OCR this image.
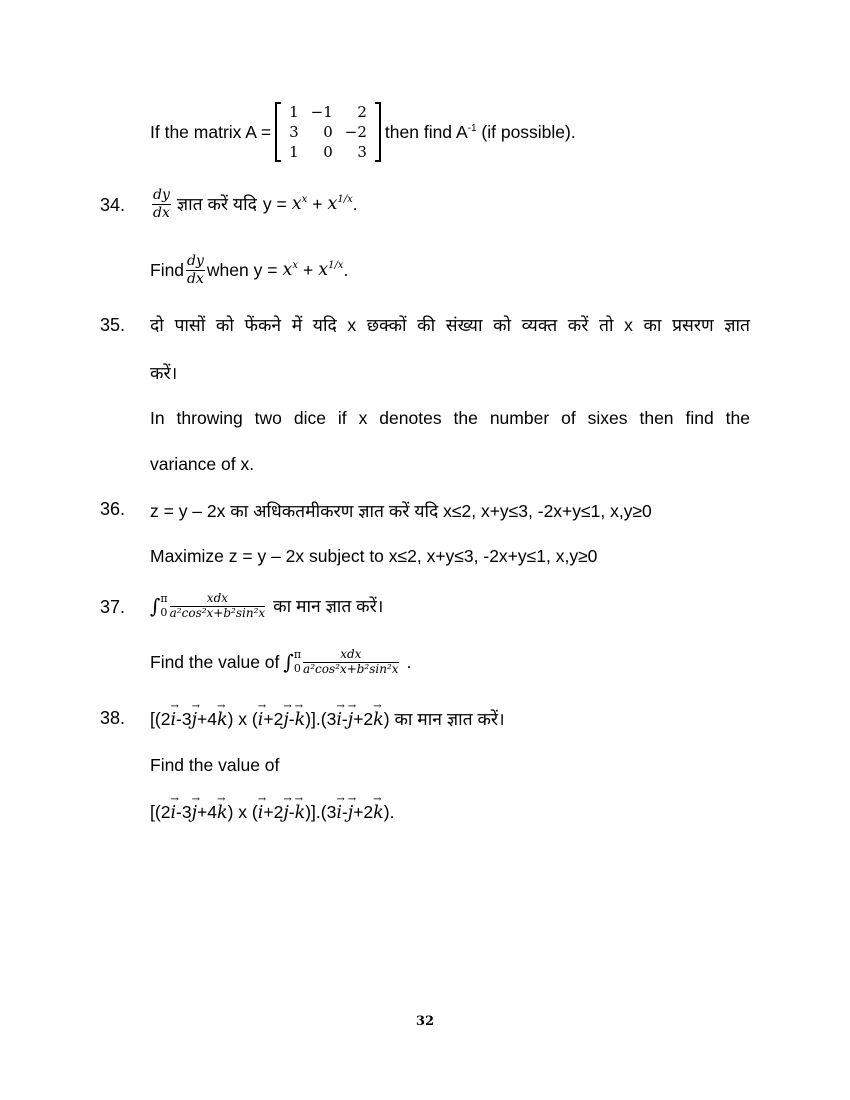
If the matrix A =
1	−1	2
3	0	−2
1	0	3
then find $A^{-1}$ (if possible).
34. $\frac{dy}{dx}$ ज्ञात करें यदि $y = x^x + x^{1/x}$ .
Find $\frac{dy}{dx}$ when $y = x^x + x^{1/x}$ .
35. दो पासों को फेंकने में यदि x छक्कों की संख्या को व्यक्त करें तो x का प्रसरण ज्ञात
करें।
In throwing two dice if x denotes the number of sixes then find the
variance of x.
36. z = y – 2x का अधिकतमीकरण ज्ञात करें यदि x≤2, x+y≤3, -2x+y≤1, x,y≥0
Maximize z = y – 2x subject to x≤2, x+y≤3, -2x+y≤1, x,y≥0
37. ∫ π
$0 \frac{\text{xdx}}{\text{a²cos²x+b²sin²x}}$ का मान ज्ञात करें।
Find the value of ∫ π
$0 \frac{\text{xdx}}{\text{a²cos²x+b²sin²x}}$ .
38. [(2→ i-3→ j+4→ k) x (→ i+2→ j-→ k)].(3→ i-→ j+2→ k) का मान ज्ञात करें।
Find the value of
[(2→ i-3→ j+4→ k) x (→ i+2→ j-→ k)].(3→ i-→ j+2→ k).
32
